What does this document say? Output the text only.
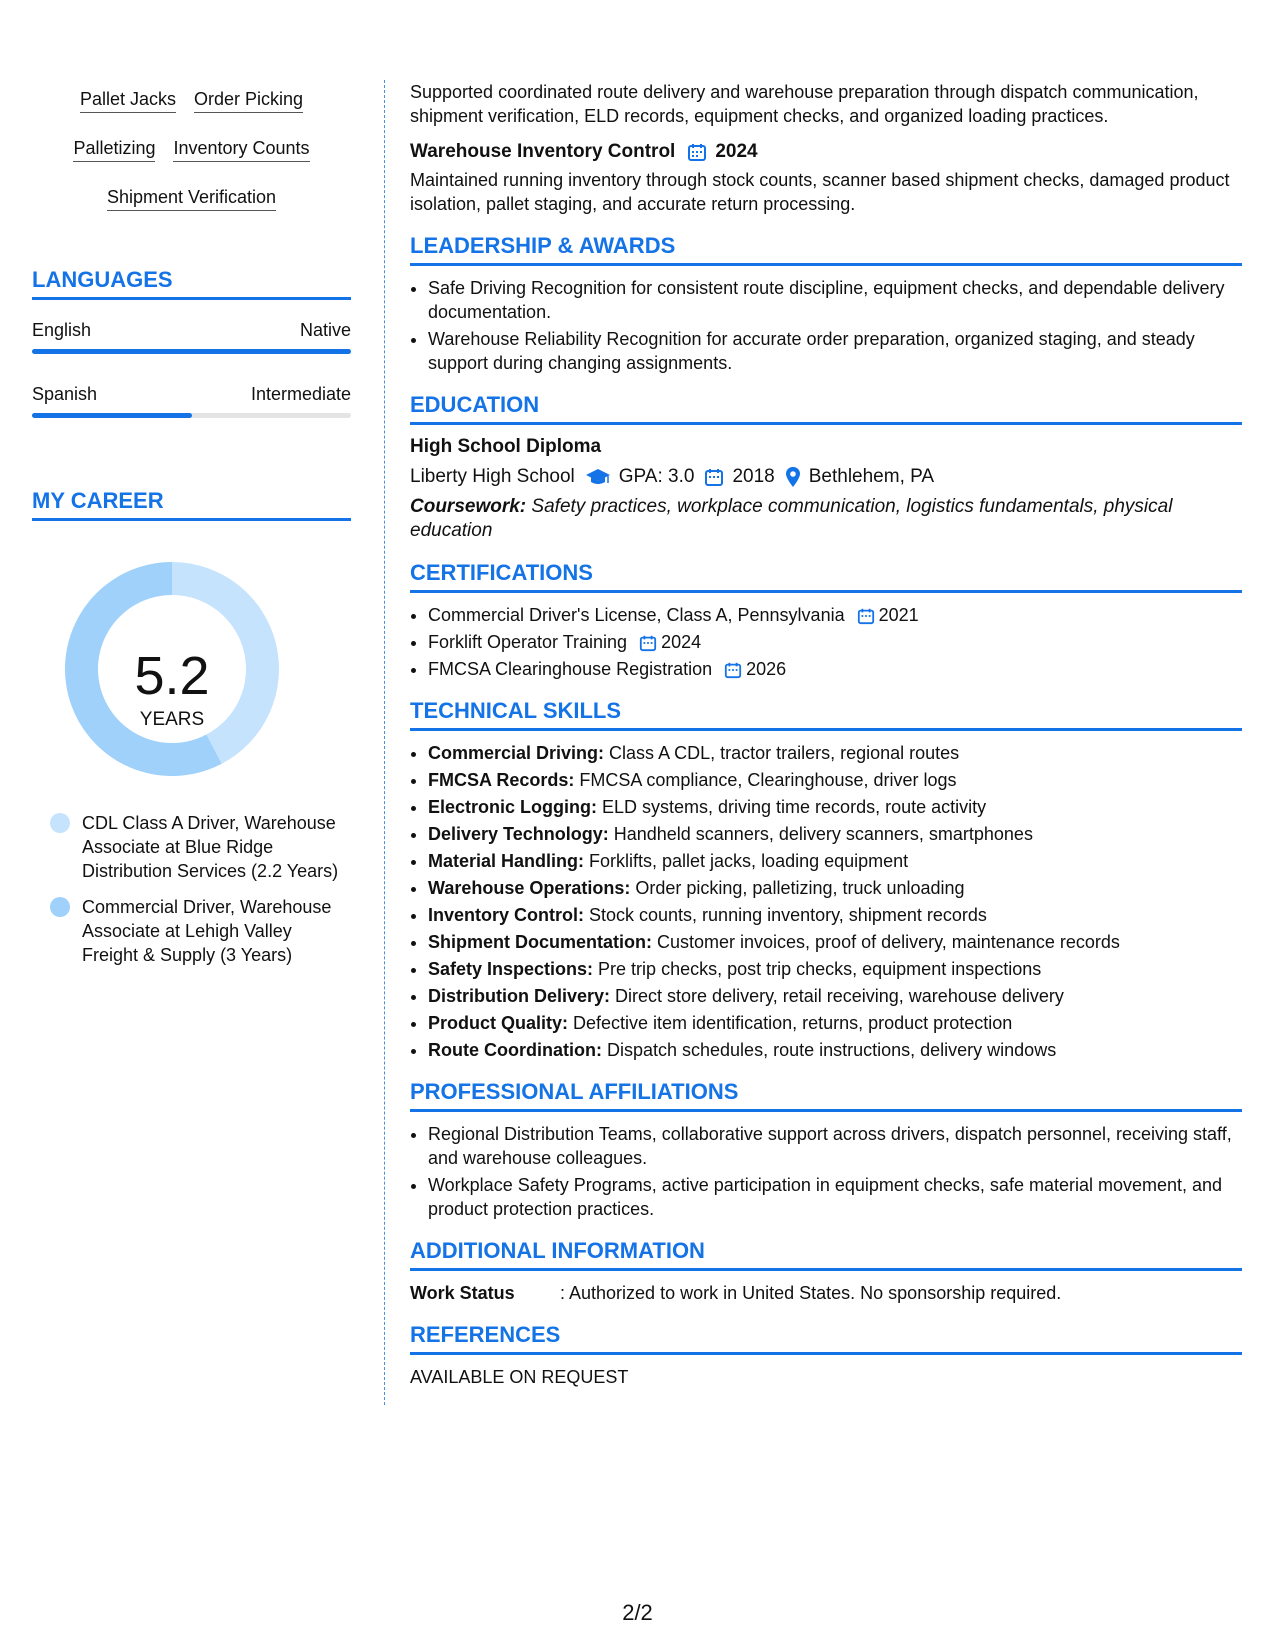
Pallet Jacks Order Picking
Palletizing Inventory Counts
Shipment Verification
LANGUAGES
English	Native
Spanish	Intermediate
MY CAREER
5.2
YEARS
CDL Class A Driver, Warehouse Associate at Blue Ridge Distribution Services (2.2 Years)
Commercial Driver, Warehouse Associate at Lehigh Valley Freight & Supply (3 Years)

Supported coordinated route delivery and warehouse preparation through dispatch communication, shipment verification, ELD records, equipment checks, and organized loading practices.

Warehouse Inventory Control 2024

Maintained running inventory through stock counts, scanner based shipment checks, damaged product isolation, pallet staging, and accurate return processing.

LEADERSHIP & AWARDS
• Safe Driving Recognition for consistent route discipline, equipment checks, and dependable delivery documentation.
• Warehouse Reliability Recognition for accurate order preparation, organized staging, and steady support during changing assignments.
EDUCATION
High School Diploma
Liberty High School GPA: 3.0 2018 Bethlehem, PA
Coursework: Safety practices, workplace communication, logistics fundamentals, physical education
CERTIFICATIONS
• Commercial Driver's License, Class A, Pennsylvania 2021
• Forklift Operator Training 2024
• FMCSA Clearinghouse Registration 2026
TECHNICAL SKILLS
• Commercial Driving: Class A CDL, tractor trailers, regional routes
• FMCSA Records: FMCSA compliance, Clearinghouse, driver logs
• Electronic Logging: ELD systems, driving time records, route activity
• Delivery Technology: Handheld scanners, delivery scanners, smartphones
• Material Handling: Forklifts, pallet jacks, loading equipment
• Warehouse Operations: Order picking, palletizing, truck unloading
• Inventory Control: Stock counts, running inventory, shipment records
• Shipment Documentation: Customer invoices, proof of delivery, maintenance records
• Safety Inspections: Pre trip checks, post trip checks, equipment inspections
• Distribution Delivery: Direct store delivery, retail receiving, warehouse delivery
• Product Quality: Defective item identification, returns, product protection
• Route Coordination: Dispatch schedules, route instructions, delivery windows
PROFESSIONAL AFFILIATIONS
• Regional Distribution Teams, collaborative support across drivers, dispatch personnel, receiving staff, and warehouse colleagues.
• Workplace Safety Programs, active participation in equipment checks, safe material movement, and product protection practices.
ADDITIONAL INFORMATION
Work Status	: Authorized to work in United States. No sponsorship required.
REFERENCES
AVAILABLE ON REQUEST
2/2
